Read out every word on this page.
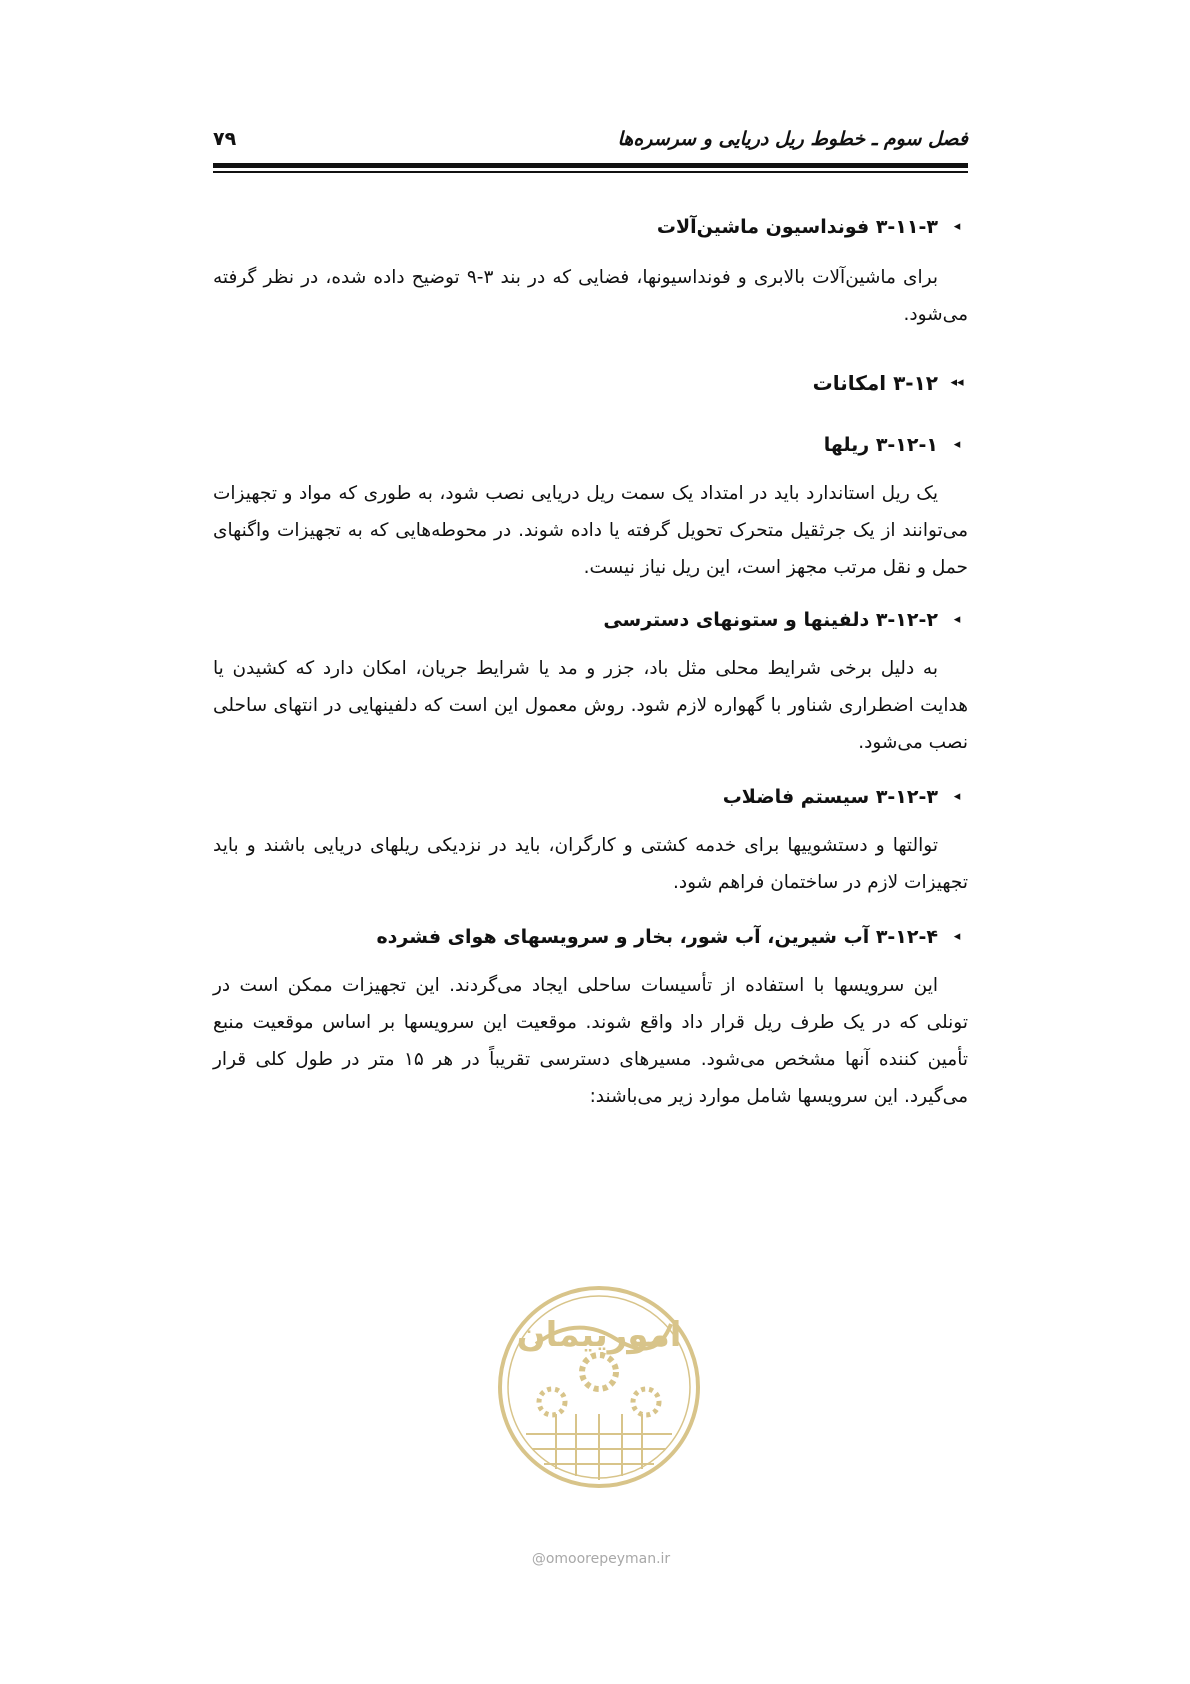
فصل سوم ـ خطوط ریل دریایی و سرسره‌ها
۷۹
◂
۳-۱۱-۳ فونداسیون ماشین‌آلات

برای ماشین‌آلات بالابری و فونداسیونها، فضایی که در بند ۳-۹ توضیح داده شده، در نظر گرفته می‌شود.

◂◂
۳-۱۲ امکانات
◂
۳-۱۲-۱ ریلها

یک ریل استاندارد باید در امتداد یک سمت ریل دریایی نصب شود، به طوری که مواد و تجهیزات می‌توانند از یک جرثقیل متحرک تحویل گرفته یا داده شوند. در محوطه‌هایی که به تجهیزات واگنهای حمل و نقل مرتب مجهز است، این ریل نیاز نیست.

◂
۳-۱۲-۲ دلفینها و ستونهای دسترسی

به دلیل برخی شرایط محلی مثل باد، جزر و مد یا شرایط جریان، امکان دارد که کشیدن یا هدایت اضطراری شناور با گهواره لازم شود. روش معمول این است که دلفینهایی در انتهای ساحلی نصب می‌شود.

◂
۳-۱۲-۳ سیستم فاضلاب

توالتها و دستشوییها برای خدمه کشتی و کارگران، باید در نزدیکی ریلهای دریایی باشند و باید تجهیزات لازم در ساختمان فراهم شود.

◂
۳-۱۲-۴ آب شیرین، آب شور، بخار و سرویسهای هوای فشرده

این سرویسها با استفاده از تأسیسات ساحلی ایجاد می‌گردند. این تجهیزات ممکن است در تونلی که در یک طرف ریل قرار داد واقع شوند. موقعیت این سرویسها بر اساس موقعیت منبع تأمین کننده آنها مشخص می‌شود. مسیرهای دسترسی تقریباً در هر ۱۵ متر در طول کلی قرار می‌گیرد. این سرویسها شامل موارد زیر می‌باشند:

امورپیمان
@omoorepeyman.ir
